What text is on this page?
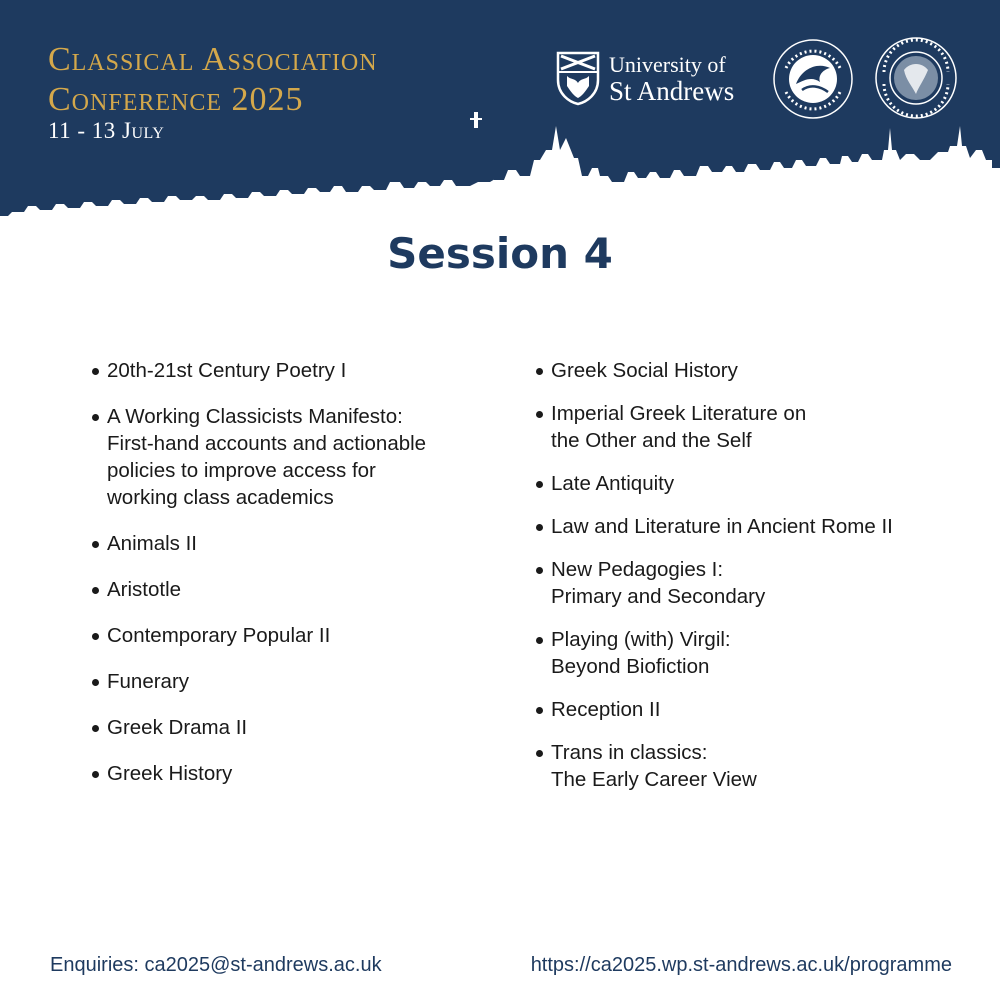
Classical Association
Conference 2025
11 - 13 July
University of
St Andrews
Session 4
20th-21st Century Poetry I
A Working Classicists Manifesto:
First-hand accounts and actionable
policies to improve access for
working class academics
Animals II
Aristotle
Contemporary Popular II
Funerary
Greek Drama II
Greek History
Greek Social History
Imperial Greek Literature on
the Other and the Self
Late Antiquity
Law and Literature in Ancient Rome II
New Pedagogies I:
Primary and Secondary
Playing (with) Virgil:
Beyond Biofiction
Reception II
Trans in classics:
The Early Career View
Enquiries: ca2025@st-andrews.ac.uk	https://ca2025.wp.st-andrews.ac.uk/programme
